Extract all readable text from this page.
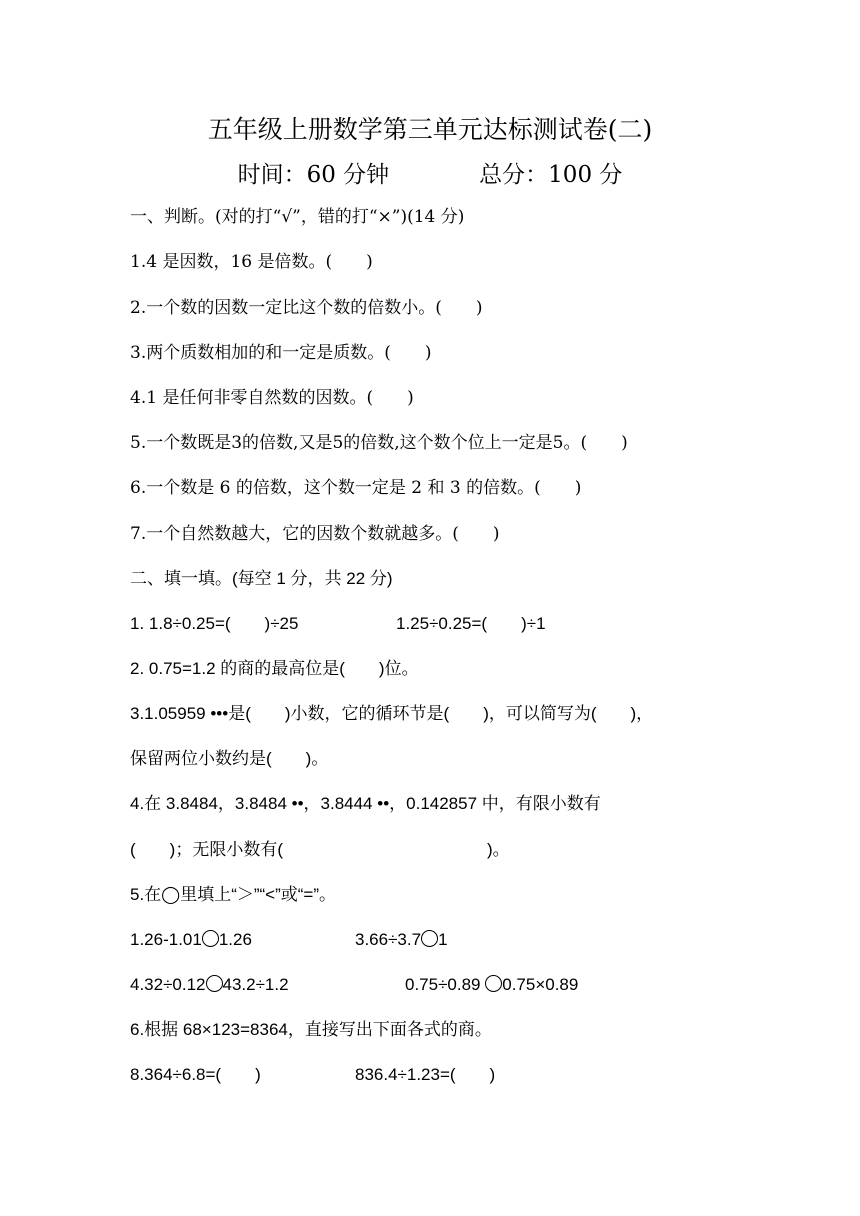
五年级上册数学第三单元达标测试卷(二)
时间：60 分钟	总分：100 分
一、判断。(对的打“√”，错的打“×”)(14 分)
1.4 是因数，16 是倍数。(　　)
2.一个数的因数一定比这个数的倍数小。(　　)
3.两个质数相加的和一定是质数。(　　)
4.1 是任何非零自然数的因数。(　　)
5.一个数既是3的倍数,又是5的倍数,这个数个位上一定是5。(　　)
6.一个数是 6 的倍数，这个数一定是 2 和 3 的倍数。(　　)
7.一个自然数越大，它的因数个数就越多。(　　)
二、填一填。(每空 1 分，共 22 分)
1. 1.8÷0.25=(　　)÷25	1.25÷0.25=(　　)÷1
2. 0.75=1.2 的商的最高位是(　　)位。
3.1.05959 •••是(　　)小数，它的循环节是(　　)，可以简写为(　　)，
保留两位小数约是(　　)。
4.在 3.8484，3.8484 ••，3.8444 ••，0.142857 中，有限小数有
(　　)；无限小数有(　　　　　　　　　　　　)。
5.在◯里填上“＞”“<”或“=”。
1.26-1.01 1.26	3.66÷3.7 1
4.32÷0.12 43.2÷1.2	0.75÷0.89 0.75×0.89
6.根据 68×123=8364，直接写出下面各式的商。
8.364÷6.8=(　　)	836.4÷1.23=(　　)
